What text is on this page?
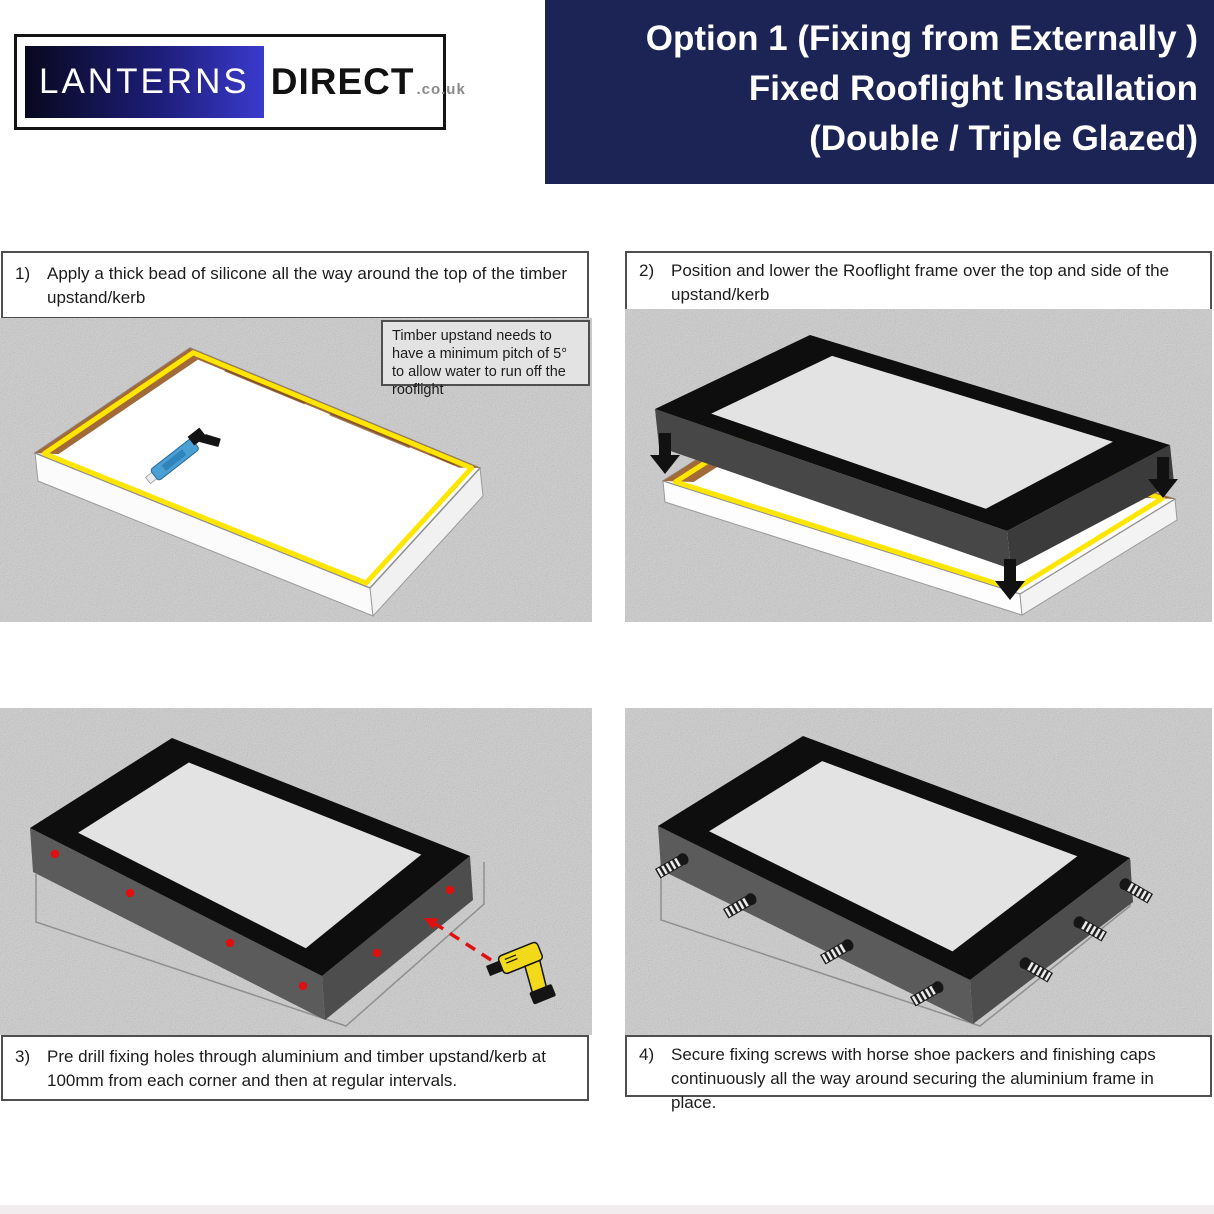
LANTERNS DIRECT .co.uk
Option 1 (Fixing from Externally )
Fixed Rooflight Installation
(Double / Triple Glazed)
1) Apply a thick bead of silicone all the way around the top of the timber upstand/kerb
Timber upstand needs to have a minimum pitch of 5° to allow water to run off the rooflight
2) Position and lower the Rooflight frame over the top and side of the upstand/kerb
3) Pre drill fixing holes through aluminium and timber upstand/kerb at 100mm from each corner and then at regular intervals.
4) Secure fixing screws with horse shoe packers and finishing caps continuously all the way around securing the aluminium frame in place.
